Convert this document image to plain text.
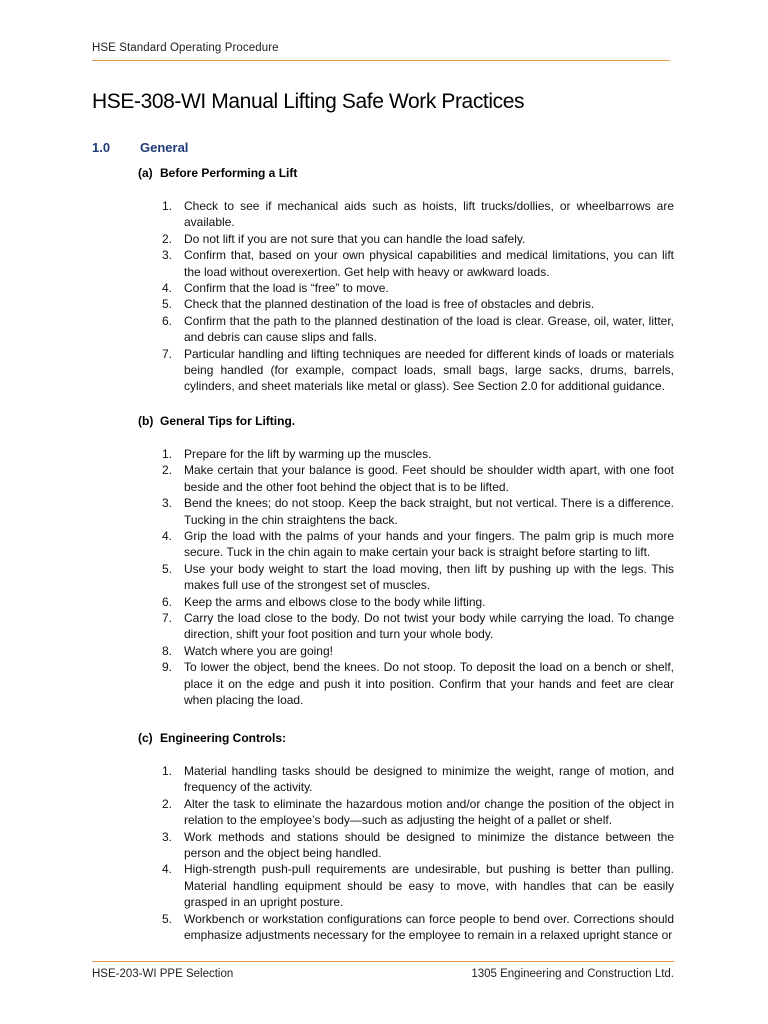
HSE Standard Operating Procedure
HSE-308-WI Manual Lifting Safe Work Practices
1.0 General
(a) Before Performing a Lift
1. Check to see if mechanical aids such as hoists, lift trucks/dollies, or wheelbarrows are available.
2. Do not lift if you are not sure that you can handle the load safely.
3. Confirm that, based on your own physical capabilities and medical limitations, you can lift the load without overexertion. Get help with heavy or awkward loads.
4. Confirm that the load is “free” to move.
5. Check that the planned destination of the load is free of obstacles and debris.
6. Confirm that the path to the planned destination of the load is clear. Grease, oil, water, litter, and debris can cause slips and falls.
7. Particular handling and lifting techniques are needed for different kinds of loads or materials being handled (for example, compact loads, small bags, large sacks, drums, barrels, cylinders, and sheet materials like metal or glass). See Section 2.0 for additional guidance.
(b) General Tips for Lifting.
1. Prepare for the lift by warming up the muscles.
2. Make certain that your balance is good. Feet should be shoulder width apart, with one foot beside and the other foot behind the object that is to be lifted.
3. Bend the knees; do not stoop. Keep the back straight, but not vertical. There is a difference. Tucking in the chin straightens the back.
4. Grip the load with the palms of your hands and your fingers. The palm grip is much more secure. Tuck in the chin again to make certain your back is straight before starting to lift.
5. Use your body weight to start the load moving, then lift by pushing up with the legs. This makes full use of the strongest set of muscles.
6. Keep the arms and elbows close to the body while lifting.
7. Carry the load close to the body. Do not twist your body while carrying the load. To change direction, shift your foot position and turn your whole body.
8. Watch where you are going!
9. To lower the object, bend the knees. Do not stoop. To deposit the load on a bench or shelf, place it on the edge and push it into position. Confirm that your hands and feet are clear when placing the load.
(c) Engineering Controls:
1. Material handling tasks should be designed to minimize the weight, range of motion, and frequency of the activity.
2. Alter the task to eliminate the hazardous motion and/or change the position of the object in relation to the employee’s body—such as adjusting the height of a pallet or shelf.
3. Work methods and stations should be designed to minimize the distance between the person and the object being handled.
4. High-strength push-pull requirements are undesirable, but pushing is better than pulling. Material handling equipment should be easy to move, with handles that can be easily grasped in an upright posture.
5. Workbench or workstation configurations can force people to bend over. Corrections should emphasize adjustments necessary for the employee to remain in a relaxed upright stance or
HSE-203-WI PPE Selection	1305 Engineering and Construction Ltd.
